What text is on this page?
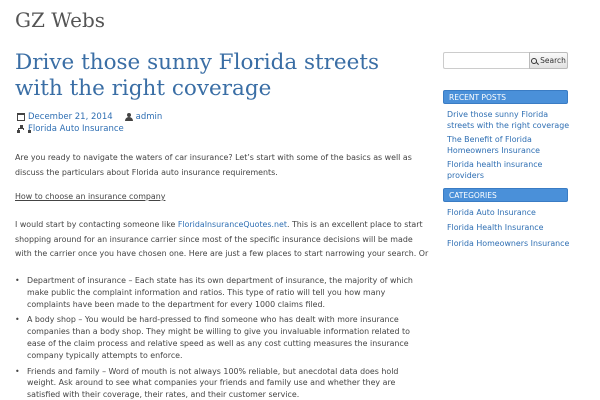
GZ Webs
Drive those sunny Florida streets with the right coverage
December 21, 2014	admin
Florida Auto Insurance

Are you ready to navigate the waters of car insurance? Let’s start with some of the basics as well as discuss the particulars about Florida auto insurance requirements.

How to choose an insurance company

I would start by contacting someone like FloridaInsuranceQuotes.net. This is an excellent place to start shopping around for an insurance carrier since most of the specific insurance decisions will be made with the carrier once you have chosen one. Here are just a few places to start narrowing your search. Or

• Department of insurance – Each state has its own department of insurance, the majority of which make public the complaint information and ratios. This type of ratio will tell you how many complaints have been made to the department for every 1000 claims filed.
• A body shop – You would be hard-pressed to find someone who has dealt with more insurance companies than a body shop. They might be willing to give you invaluable information related to ease of the claim process and relative speed as well as any cost cutting measures the insurance company typically attempts to enforce.
• Friends and family – Word of mouth is not always 100% reliable, but anecdotal data does hold weight. Ask around to see what companies your friends and family use and whether they are satisfied with their coverage, their rates, and their customer service.
Search
RECENT POSTS
Drive those sunny Florida streets with the right coverage
The Benefit of Florida Homeowners Insurance
Florida health insurance providers
CATEGORIES
Florida Auto Insurance
Florida Health Insurance
Florida Homeowners Insurance
